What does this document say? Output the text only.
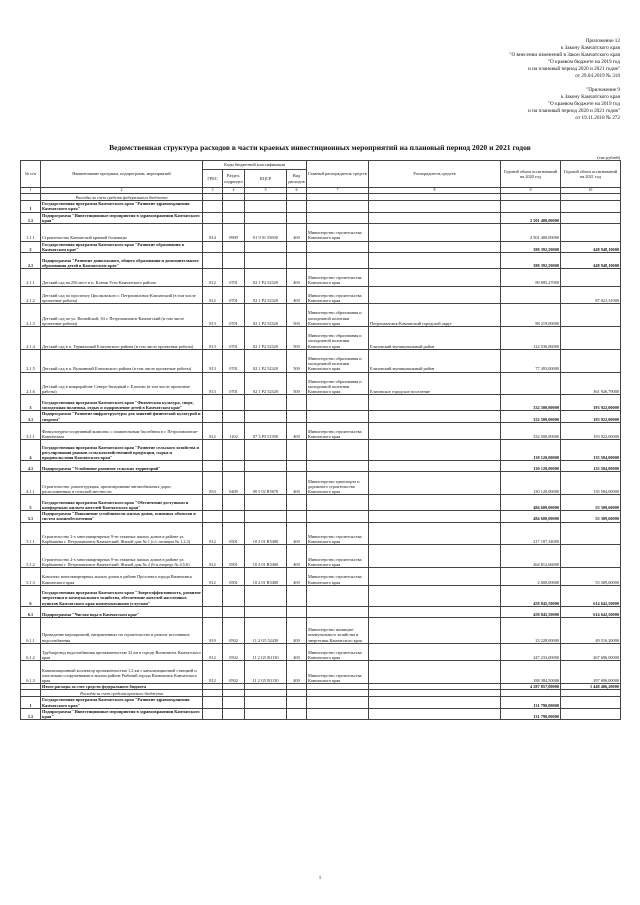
Приложение 12
к Закону Камчатского края
"О внесении изменений в Закон Камчатского края
"О краевом бюджете на 2019 год
и на плановый период 2020 и 2021 годов"
от 29.04.2019 № 318
"Приложение 9
к Закону Камчатского края
"О краевом бюджете на 2019 год
и на плановый период 2020 и 2021 годов"
от 19.11.2018 № 272
Ведомственная структура расходов в части краевых инвестиционных мероприятий на плановый период 2020 и 2021 годов
(тыс.рублей)
№ п/п	Наименование программ, подпрограмм, мероприятий	Коды бюджетной классификации				Главный распорядитель средств	Распорядитель средств	Годовой объем ассигнований на 2020 год	Годовой объем ассигнований на 2021 год
		ГРБС	Раздел, подраздел	КЦСР	Вид расходов				
1	2	3	4	5	6	7	8	9	10
	Расходы за счет средств федерального бюджета								
1	Государственная программа Камчатского края "Развитие здравоохранения Камчатского края"								
1.1	Подпрограмма "Инвестиционные мероприятия в здравоохранении Камчатского края"							2 501 400,00000	
1.1.1	Строительство Камчатской краевой больницы	814	0909	01 9 01 55690	400	Министерство строительства Камчатского края		2 501 400,00000	
2	Государственная программа Камчатского края "Развитие образования в Камчатском крае"							380 392,50000	448 948,10000
2.1	Подпрограмма "Развитие дошкольного, общего образования и дополнительного образования детей в Камчатском крае"							380 392,50000	448 948,10000
2.1.1	Детский сад на 250 мест в п. Ключи Усть-Камчатского района	812	0701	02 1 P2 52320	400	Министерство строительства Камчатского края		89 695,27000	
2.1.2	Детский сад по проспекту Циолковского г. Петропавловск-Камчатский (в том числе проектные работы)	812	0701	02 1 P2 52320	400	Министерство строительства Камчатского края			87 021,31000
2.1.3	Детский сад по ул. Вилюйской, 63 г. Петропавловск-Камчатский (в том числе проектные работы)	813	0701	02 1 P2 52320	500	Министерство образования и молодежной политики Камчатского края	Петропавловск-Камчатский городской округ	88 219,00000	
2.1.4	Детский сад в п. Термальный Елизовского района (в том числе проектные работы)	813	0701	02 1 P2 52320	500	Министерство образования и молодежной политики Камчатского края	Елизовский муниципальный район	122 536,86000	
2.1.5	Детский сад в п. Вулканный Елизовского района (в том числе проектные работы)	813	0701	02 1 P2 52320	500	Министерство образования и молодежной политики Камчатского края	Елизовский муниципальный район	77 493,00000	
2.1.6	Детский сад в микрорайоне Северо-Западный г. Елизово (в том числе проектные работы)	813	0701	02 1 P2 52320	500	Министерство образования и молодежной политики Камчатского края	Елизовское городское поселение		361 926,79000
3	Государственная программа Камчатского края "Физическая культура, спорт, молодежная политика, отдых и оздоровление детей в Камчатском крае"							332 500,00000	193 922,00000
3.1	Подпрограмма "Развитие инфраструктуры для занятий физической культурой и спортом"							332 500,00000	193 922,00000
3.1.1	Физкультурно-спортивный комплекс с плавательным бассейном в г. Петропавловске-Камчатском	812	1102	07 3 P5 51390	400	Министерство строительства Камчатского края		332 500,00000	193 922,00000
4	Государственная программа Камчатского края "Развитие сельского хозяйства и регулирования рынков сельскохозяйственной продукции, сырья и продовольствия Камчатского края"							130 120,00000	135 584,00000
4.1	Подпрограмма "Устойчивое развитие сельских территорий"							130 120,00000	135 584,00000
4.1.1	Строительство, реконструкция, проектирование автомобильных дорог, расположенных в сельской местности	833	0409	09 5 02 R5670	400	Министерство транспорта и дорожного строительства Камчатского края		130 120,00000	135 584,00000
5	Государственная программа Камчатского края "Обеспечение доступным и комфортным жильем жителей Камчатского края"							484 600,00000	55 309,60000
5.1	Подпрограмма "Повышение устойчивости жилых домов, основных объектов и систем жизнеобеспечения"							484 600,00000	55 309,60000
5.1.1	Строительство 2-х многоквартирных 9-ти этажных жилых домов в районе ул. Карбышева г. Петропавловск-Камчатский. Жилой дом № 1 (с/с позиции № 1,2,3)	812	0501	10 2 01 R5400	400	Министерство строительства Камчатского края		217 187,34000	
5.1.2	Строительство 2-х многоквартирных 9-ти этажных жилых домов в районе ул. Карбышева г. Петропавловск-Камчатский. Жилой дом № 2 (6-я очередь № 4,5,6)	812	0501	10 2 01 R5400	400	Министерство строительства Камчатского края		264 812,66000	
5.1.3	Комплекс многоквартирных жилых домов в районе Проспекта города Вилючинск Камчатского края	812	0501	10 2 01 R5400	400	Министерство строительства Камчатского края		2 600,00000	55 309,60000
6	Государственная программа Камчатского края "Энергоэффективность, развитие энергетики и коммунального хозяйства, обеспечение жителей населенных пунктов Камчатского края коммунальными услугами"							458 845,50000	614 642,50000
6.1	Подпрограмма "Чистая вода в Камчатском крае"							458 845,50000	614 642,50000
6.1.1	Проведение мероприятий, направленных на строительство и ремонт источников водоснабжения	810	0502	11 2 G5 52430	400	Министерство жилищно-коммунального хозяйства и энергетики Камчатского края		23 228,00000	49 516,20000
6.1.2	Трубопровод водоснабжения протяженностью 32 км в городе Вилючинск Камчатского края	812	0502	11 2 G5 R1130	400	Министерство строительства Камчатского края		247 233,00000	267 696,00000
6.1.3	Канализационный коллектор протяженностью 1,2 км с канализационной станцией и очистными сооружениями в жилом районе Рыбачий города Вилючинск Камчатского края	812	0502	11 2 G5 R1130	400	Министерство строительства Камчатского края		188 384,50000	297 696,00000
	Итого расходы за счет средств федерального бюджета							4 287 857,00000	1 448 406,20000
	Расходы за счет средств краевого бюджета								
1	Государственная программа Камчатского края "Развитие здравоохранения Камчатского края"							131 790,00000	
1.1	Подпрограмма "Инвестиционные мероприятия в здравоохранении Камчатского края"							131 790,00000	
1
